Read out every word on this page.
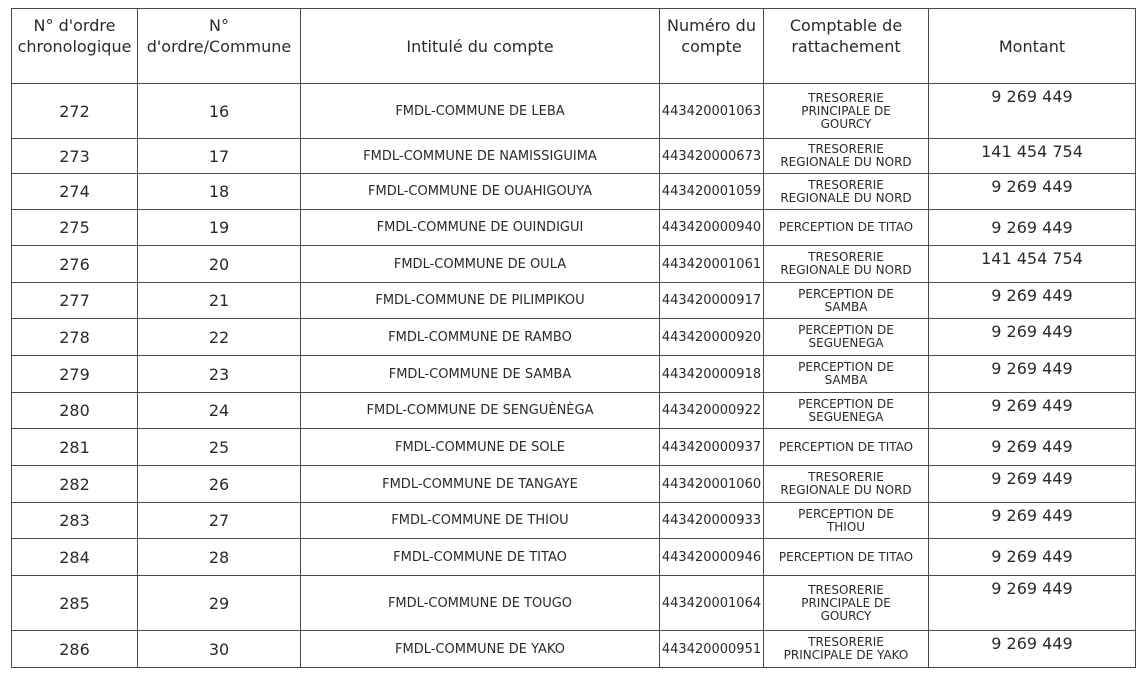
N° d'ordre chronologique	N° d'ordre/Commune	Intitulé du compte	Numéro du compte	Comptable de rattachement	Montant
272	16	FMDL-COMMUNE DE LEBA	443420001063	TRESORERIE
PRINCIPALE DE
GOURCY	9 269 449
273	17	FMDL-COMMUNE DE NAMISSIGUIMA	443420000673	TRESORERIE
REGIONALE DU NORD	141 454 754
274	18	FMDL-COMMUNE DE OUAHIGOUYA	443420001059	TRESORERIE
REGIONALE DU NORD	9 269 449
275	19	FMDL-COMMUNE DE OUINDIGUI	443420000940	PERCEPTION DE TITAO	9 269 449
276	20	FMDL-COMMUNE DE OULA	443420001061	TRESORERIE
REGIONALE DU NORD	141 454 754
277	21	FMDL-COMMUNE DE PILIMPIKOU	443420000917	PERCEPTION DE
SAMBA	9 269 449
278	22	FMDL-COMMUNE DE RAMBO	443420000920	PERCEPTION DE
SEGUENEGA	9 269 449
279	23	FMDL-COMMUNE DE SAMBA	443420000918	PERCEPTION DE
SAMBA	9 269 449
280	24	FMDL-COMMUNE DE SENGUÈNÈGA	443420000922	PERCEPTION DE
SEGUENEGA	9 269 449
281	25	FMDL-COMMUNE DE SOLE	443420000937	PERCEPTION DE TITAO	9 269 449
282	26	FMDL-COMMUNE DE TANGAYE	443420001060	TRESORERIE
REGIONALE DU NORD	9 269 449
283	27	FMDL-COMMUNE DE THIOU	443420000933	PERCEPTION DE
THIOU	9 269 449
284	28	FMDL-COMMUNE DE TITAO	443420000946	PERCEPTION DE TITAO	9 269 449
285	29	FMDL-COMMUNE DE TOUGO	443420001064	TRESORERIE
PRINCIPALE DE
GOURCY	9 269 449
286	30	FMDL-COMMUNE DE YAKO	443420000951	TRESORERIE
PRINCIPALE DE YAKO	9 269 449
